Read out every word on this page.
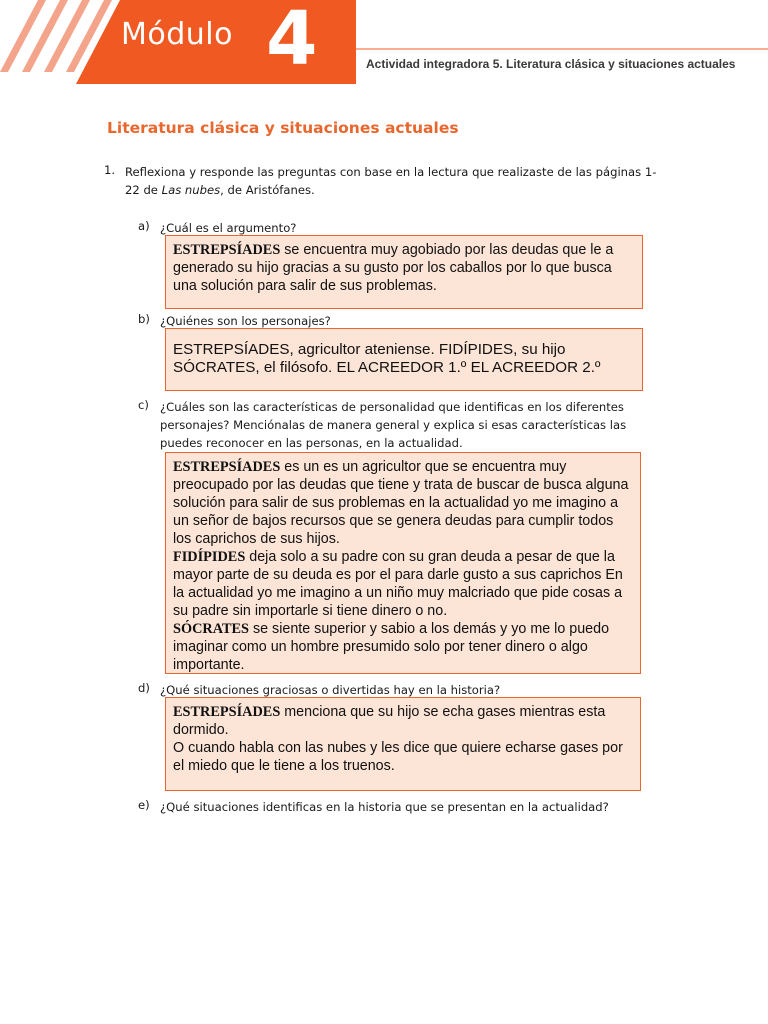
Módulo 4	Semana 3
Unidad III. Leer y escribir para conocer y comprender mi mundo
Actividad integradora 5. Literatura clásica y situaciones actuales
Literatura clásica y situaciones actuales
1. Reflexiona y responde las preguntas con base en la lectura que realizaste de las páginas 1-22 de Las nubes, de Aristófanes.
a) ¿Cuál es el argumento?

ESTREPSÍADES se encuentra muy agobiado por las deudas que le a generado su hijo gracias a su gusto por los caballos por lo que busca una solución para salir de sus problemas.

b) ¿Quiénes son los personajes?

ESTREPSÍADES, agricultor ateniense. FIDÍPIDES, su hijo

SÓCRATES, el filósofo. EL ACREEDOR 1.º EL ACREEDOR 2.º

c) ¿Cuáles son las características de personalidad que identificas en los diferentes personajes? Menciónalas de manera general y explica si esas características las puedes reconocer en las personas, en la actualidad.

ESTREPSÍADES es un es un agricultor que se encuentra muy preocupado por las deudas que tiene y trata de buscar de busca alguna solución para salir de sus problemas en la actualidad yo me imagino a un señor de bajos recursos que se genera deudas para cumplir todos los caprichos de sus hijos.

FIDÍPIDES deja solo a su padre con su gran deuda a pesar de que la mayor parte de su deuda es por el para darle gusto a sus caprichos En la actualidad yo me imagino a un niño muy malcriado que pide cosas a su padre sin importarle si tiene dinero o no.

SÓCRATES se siente superior y sabio a los demás y yo me lo puedo imaginar como un hombre presumido solo por tener dinero o algo importante.

d) ¿Qué situaciones graciosas o divertidas hay en la historia?

ESTREPSÍADES menciona que su hijo se echa gases mientras esta dormido.

O cuando habla con las nubes y les dice que quiere echarse gases por el miedo que le tiene a los truenos.

e) ¿Qué situaciones identificas en la historia que se presentan en la actualidad?
